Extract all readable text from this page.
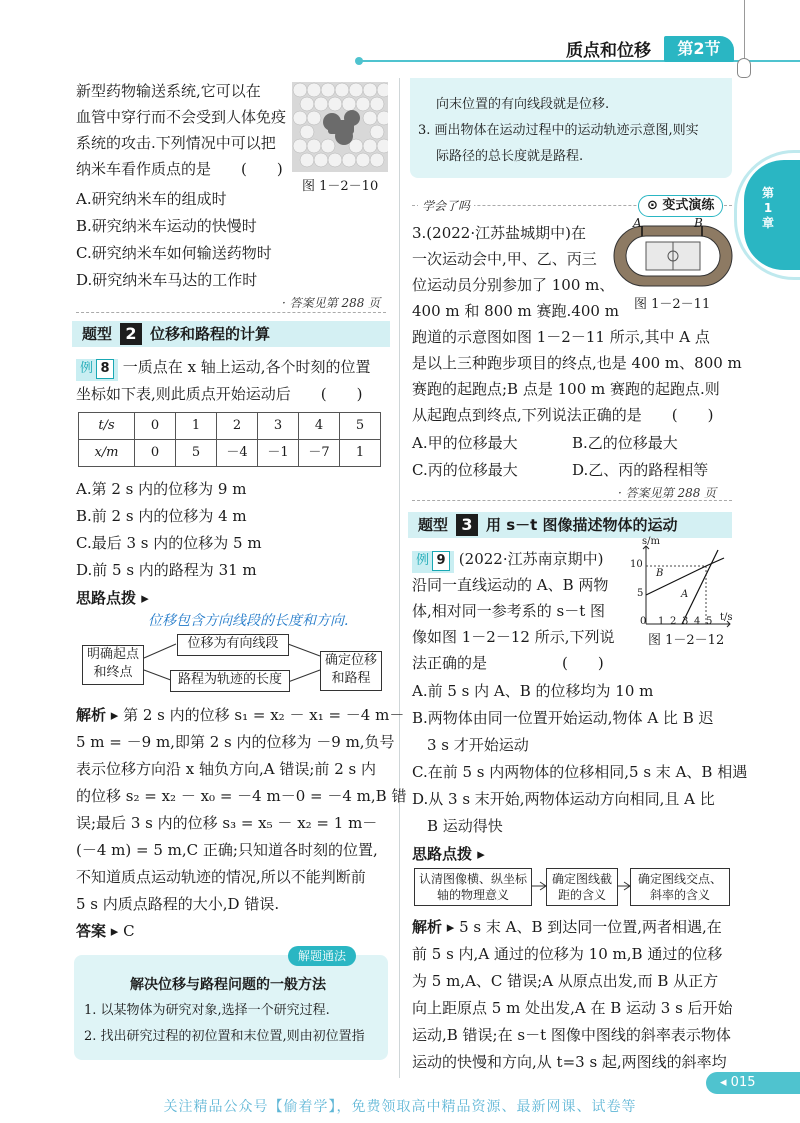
质点和位移	第2节
第1章
新型药物输送系统,它可以在
血管中穿行而不会受到人体免疫
系统的攻击.下列情况中可以把
纳米车看作质点的是　　(　　)
图 1－2－10
A.研究纳米车的组成时
B.研究纳米车运动的快慢时
C.研究纳米车如何输送药物时
D.研究纳米车马达的工作时
· 答案见第 288 页
题型 2 位移和路程的计算
例 8 一质点在 x 轴上运动,各个时刻的位置
坐标如下表,则此质点开始运动后　　(　　)
t/s	0	1	2	3	4	5
x/m	0	5	－4	－1	－7	1
A.第 2 s 内的位移为 9 m
B.前 2 s 内的位移为 4 m
C.最后 3 s 内的位移为 5 m
D.前 5 s 内的路程为 31 m
思路点拨 ▸
位移包含方向线段的长度和方向.
明确起点和终点
位移为有向线段
路程为轨迹的长度
确定位移和路程
解析 ▸ 第 2 s 内的位移 s₁ = x₂ － x₁ = －4 m－
5 m = －9 m,即第 2 s 内的位移为 －9 m,负号
表示位移方向沿 x 轴负方向,A 错误;前 2 s 内
的位移 s₂ = x₂ － x₀ = －4 m－0 = －4 m,B 错
误;最后 3 s 内的位移 s₃ = x₅ － x₂ = 1 m－
(－4 m) = 5 m,C 正确;只知道各时刻的位置,
不知道质点运动轨迹的情况,所以不能判断前
5 s 内质点路程的大小,D 错误.
答案 ▸ C
解题通法
解决位移与路程问题的一般方法
1. 以某物体为研究对象,选择一个研究过程.
2. 找出研究过程的初位置和末位置,则由初位置指
向末位置的有向线段就是位移.
3. 画出物体在运动过程中的运动轨迹示意图,则实
际路径的总长度就是路程.
学会了吗	⊙ 变式演练
3.(2022·江苏盐城期中)在
一次运动会中,甲、乙、丙三
位运动员分别参加了 100 m、
400 m 和 800 m 赛跑.400 m
A	B
图 1－2－11
跑道的示意图如图 1－2－11 所示,其中 A 点
是以上三种跑步项目的终点,也是 400 m、800 m
赛跑的起跑点;B 点是 100 m 赛跑的起跑点.则
从起跑点到终点,下列说法正确的是　　(　　)
A.甲的位移最大	B.乙的位移最大
C.丙的位移最大	D.乙、丙的路程相等
· 答案见第 288 页
题型 3 用 s－t 图像描述物体的运动
例 9 (2022·江苏南京期中)
沿同一直线运动的 A、B 两物
体,相对同一参考系的 s－t 图
像如图 1－2－12 所示,下列说
法正确的是　　　　　(　　)
s/m
t/s
10
5
0 1 2 3 4 5
A
B
图 1－2－12
A.前 5 s 内 A、B 的位移均为 10 m
B.两物体由同一位置开始运动,物体 A 比 B 迟
　3 s 才开始运动
C.在前 5 s 内两物体的位移相同,5 s 末 A、B 相遇
D.从 3 s 末开始,两物体运动方向相同,且 A 比
　B 运动得快
思路点拨 ▸
认清图像横、纵坐标轴的物理意义
确定图线截距的含义
确定图线交点、斜率的含义
解析 ▸ 5 s 末 A、B 到达同一位置,两者相遇,在
前 5 s 内,A 通过的位移为 10 m,B 通过的位移
为 5 m,A、C 错误;A 从原点出发,而 B 从正方
向上距原点 5 m 处出发,A 在 B 运动 3 s 后开始
运动,B 错误;在 s－t 图像中图线的斜率表示物体
运动的快慢和方向,从 t=3 s 起,两图线的斜率均
◂ 015
关注精品公众号【偷着学】，免费领取高中精品资源、最新网课、试卷等
